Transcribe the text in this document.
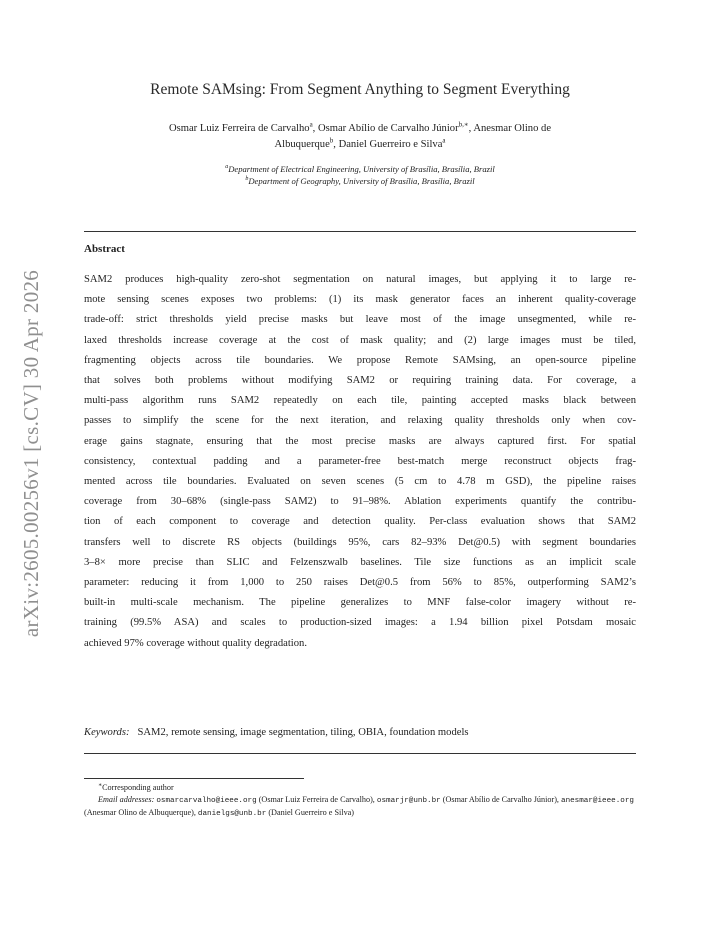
arXiv:2605.00256v1 [cs.CV] 30 Apr 2026
Remote SAMsing: From Segment Anything to Segment Everything
Osmar Luiz Ferreira de Carvalho$^a$, Osmar Abílio de Carvalho Júnior$^{b,∗}$, Anesmar Olino de
Albuquerque$^b$, Daniel Guerreiro e Silva$^a$
$^a$Department of Electrical Engineering, University of Brasília, Brasília, Brazil
$^b$Department of Geography, University of Brasília, Brasília, Brazil
Abstract
SAM2 produces high-quality zero-shot segmentation on natural images, but applying it to large re-
mote sensing scenes exposes two problems: (1) its mask generator faces an inherent quality-coverage
trade-off: strict thresholds yield precise masks but leave most of the image unsegmented, while re-
laxed thresholds increase coverage at the cost of mask quality; and (2) large images must be tiled,
fragmenting objects across tile boundaries. We propose Remote SAMsing, an open-source pipeline
that solves both problems without modifying SAM2 or requiring training data. For coverage, a
multi-pass algorithm runs SAM2 repeatedly on each tile, painting accepted masks black between
passes to simplify the scene for the next iteration, and relaxing quality thresholds only when cov-
erage gains stagnate, ensuring that the most precise masks are always captured first. For spatial
consistency, contextual padding and a parameter-free best-match merge reconstruct objects frag-
mented across tile boundaries. Evaluated on seven scenes (5 cm to 4.78 m GSD), the pipeline raises
coverage from 30–68% (single-pass SAM2) to 91–98%. Ablation experiments quantify the contribu-
tion of each component to coverage and detection quality. Per-class evaluation shows that SAM2
transfers well to discrete RS objects (buildings 95%, cars 82–93% Det@0.5) with segment boundaries
3–8× more precise than SLIC and Felzenszwalb baselines. Tile size functions as an implicit scale
parameter: reducing it from 1,000 to 250 raises Det@0.5 from 56% to 85%, outperforming SAM2’s
built-in multi-scale mechanism. The pipeline generalizes to MNF false-color imagery without re-
training (99.5% ASA) and scales to production-sized images: a 1.94 billion pixel Potsdam mosaic
achieved 97% coverage without quality degradation.
Keywords: SAM2, remote sensing, image segmentation, tiling, OBIA, foundation models
∗Corresponding author
Email addresses: osmarcarvalho@ieee.org (Osmar Luiz Ferreira de Carvalho), osmarjr@unb.br (Osmar Abílio de Carvalho Júnior), anesmar@ieee.org (Anesmar Olino de Albuquerque), danielgs@unb.br (Daniel Guerreiro e Silva)
